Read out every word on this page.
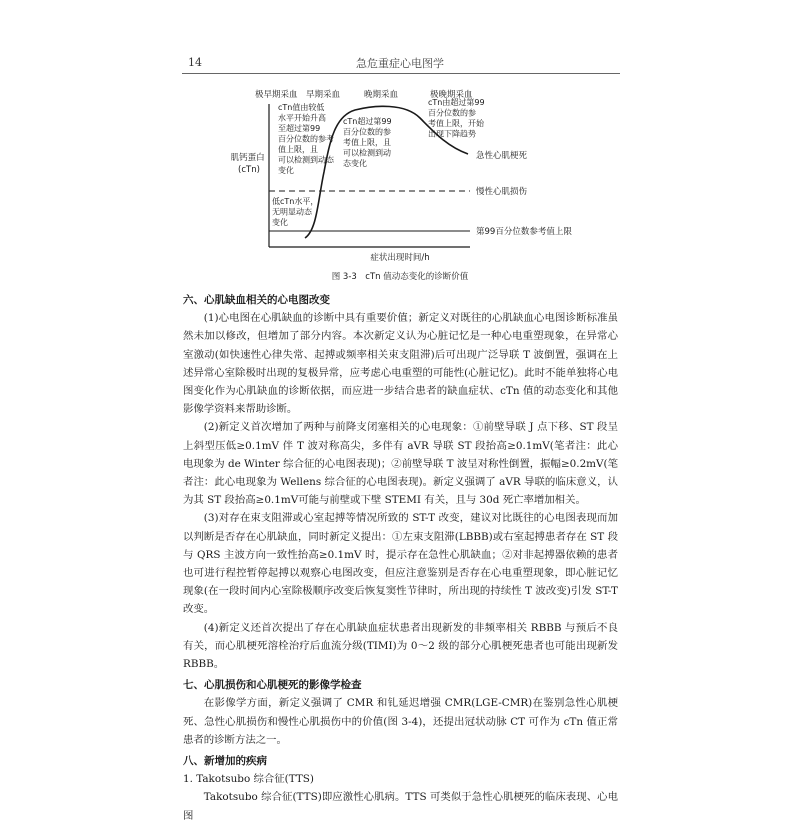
14	急危重症心电图学
极早期采血 早期采血	晚期采血	极晚期采血
肌钙蛋白 (cTn)
cTn值由较低 水平开始升高 至超过第99 百分位数的参考 值上限，且 可以检测到动态 变化
cTn超过第99 百分位数的参 考值上限，且 可以检测到动 态变化
cTn由超过第99 百分位数的参 考值上限，开始 出现下降趋势
低cTn水平， 无明显动态 变化
急性心肌梗死
慢性心肌损伤
第99百分位数参考值上限
症状出现时间/h
图 3-3　cTn 值动态变化的诊断价值
六、心肌缺血相关的心电图改变

(1)心电图在心肌缺血的诊断中具有重要价值；新定义对既往的心肌缺血心电图诊断标准虽然未加以修改，但增加了部分内容。本次新定义认为心脏记忆是一种心电重塑现象，在异常心室激动(如快速性心律失常、起搏或频率相关束支阻滞)后可出现广泛导联 T 波倒置，强调在上述异常心室除极时出现的复极异常，应考虑心电重塑的可能性(心脏记忆)。此时不能单独将心电图变化作为心肌缺血的诊断依据，而应进一步结合患者的缺血症状、cTn 值的动态变化和其他影像学资料来帮助诊断。

(2)新定义首次增加了两种与前降支闭塞相关的心电现象：①前壁导联 J 点下移、ST 段呈上斜型压低≥0.1mV 伴 T 波对称高尖，多伴有 aVR 导联 ST 段抬高≥0.1mV(笔者注：此心电现象为 de Winter 综合征的心电图表现)；②前壁导联 T 波呈对称性倒置，振幅≥0.2mV(笔者注：此心电现象为 Wellens 综合征的心电图表现)。新定义强调了 aVR 导联的临床意义，认为其 ST 段抬高≥0.1mV可能与前壁或下壁 STEMI 有关，且与 30d 死亡率增加相关。

(3)对存在束支阻滞或心室起搏等情况所致的 ST-T 改变，建议对比既往的心电图表现而加以判断是否存在心肌缺血，同时新定义提出：①左束支阻滞(LBBB)或右室起搏患者存在 ST 段与 QRS 主波方向一致性抬高≥0.1mV 时，提示存在急性心肌缺血；②对非起搏器依赖的患者也可进行程控暂停起搏以观察心电图改变，但应注意鉴别是否存在心电重塑现象，即心脏记忆现象(在一段时间内心室除极顺序改变后恢复窦性节律时，所出现的持续性 T 波改变)引发 ST-T 改变。

(4)新定义还首次提出了存在心肌缺血症状患者出现新发的非频率相关 RBBB 与预后不良有关，而心肌梗死溶栓治疗后血流分级(TIMI)为 0～2 级的部分心肌梗死患者也可能出现新发 RBBB。

七、心肌损伤和心肌梗死的影像学检查

在影像学方面，新定义强调了 CMR 和钆延迟增强 CMR(LGE-CMR)在鉴别急性心肌梗死、急性心肌损伤和慢性心肌损伤中的价值(图 3-4)，还提出冠状动脉 CT 可作为 cTn 值正常患者的诊断方法之一。

八、新增加的疾病

1. Takotsubo 综合征(TTS)

Takotsubo 综合征(TTS)即应激性心肌病。TTS 可类似于急性心肌梗死的临床表现、心电图
